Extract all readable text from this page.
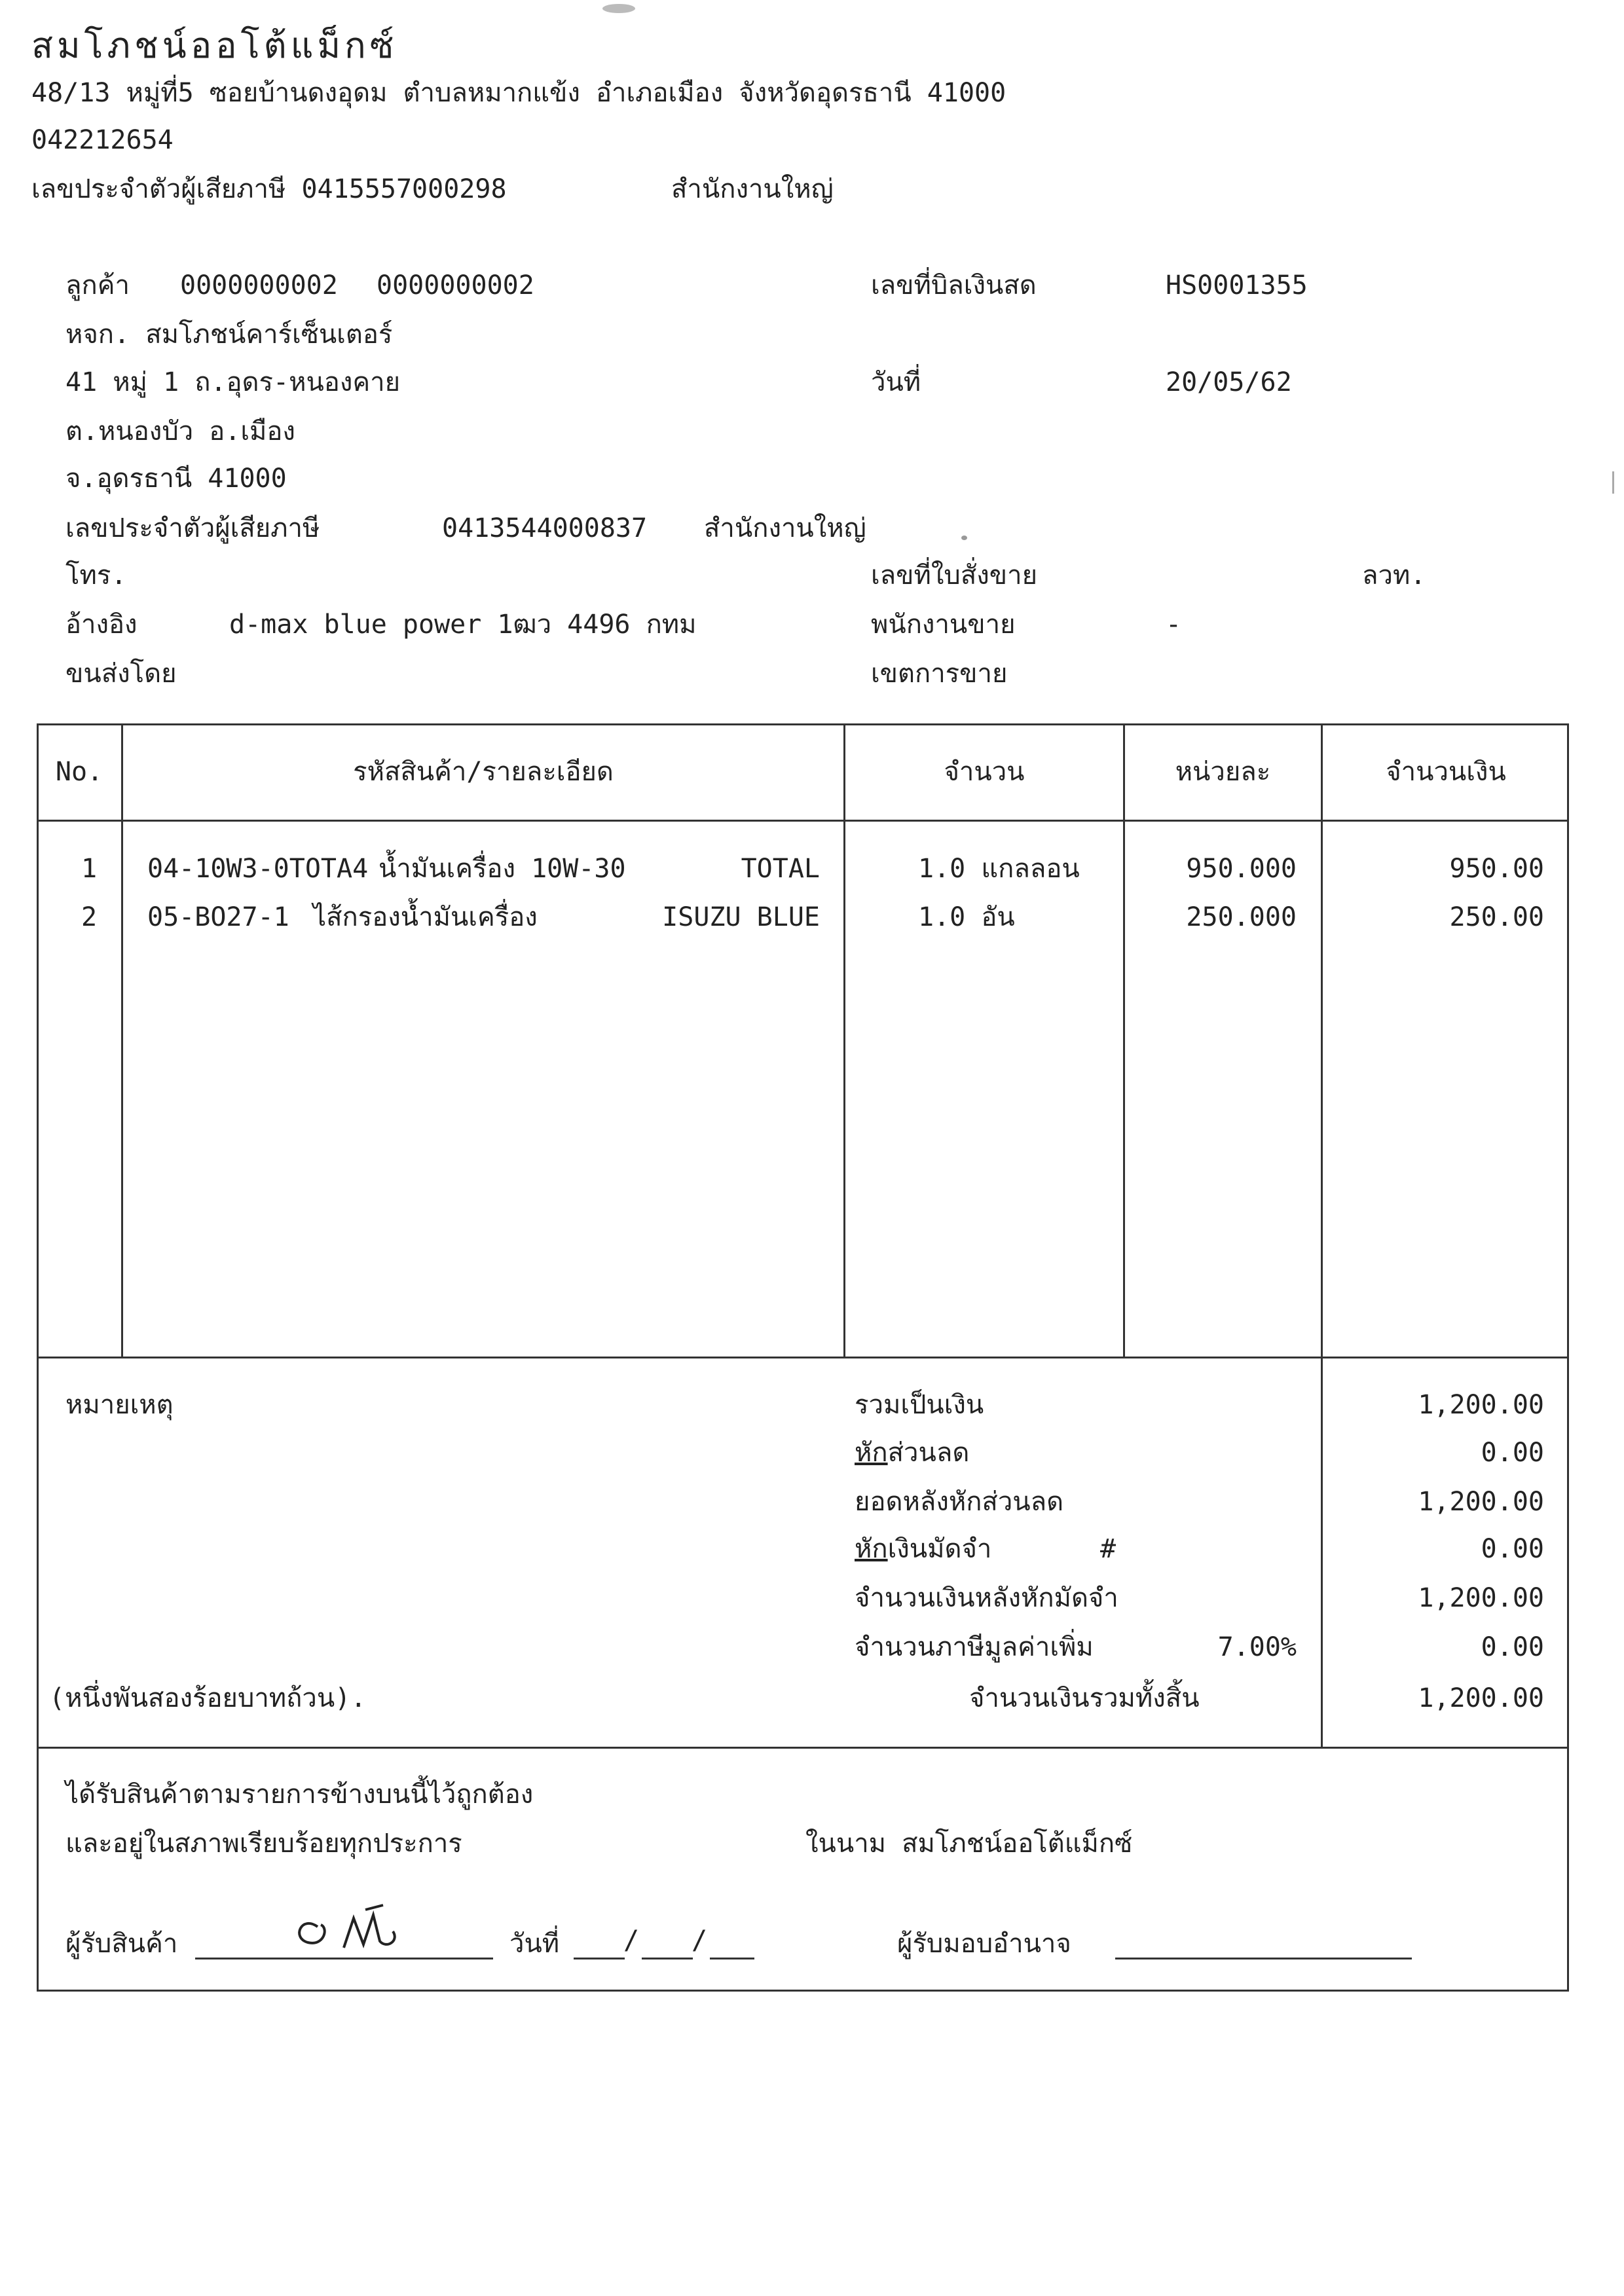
สมโภชน์ออโต้แม็กซ์
48/13 หมู่ที่5 ซอยบ้านดงอุดม ตำบลหมากแข้ง อำเภอเมือง จังหวัดอุดรธานี 41000
042212654
เลขประจำตัวผู้เสียภาษี 0415557000298	สำนักงานใหญ่
ลูกค้า 0000000002 0000000002
หจก. สมโภชน์คาร์เซ็นเตอร์
41 หมู่ 1 ถ.อุดร-หนองคาย
ต.หนองบัว อ.เมือง
จ.อุดรธานี 41000
เลขประจำตัวผู้เสียภาษี	0413544000837 สำนักงานใหญ่
โทร.
อ้างอิง	d-max blue power 1ฒว 4496 กทม
ขนส่งโดย
เลขที่บิลเงินสด	HS0001355
วันที่	20/05/62
เลขที่ใบสั่งขาย	ลวท.
พนักงานขาย	-
เขตการขาย
No.	รหัสสินค้า/รายละเอียด	จำนวน	หน่วยละ	จำนวนเงิน
1	04-10W3-0TOTA4 น้ำมันเครื่อง 10W-30	TOTAL	1.0 แกลลอน	950.000	950.00
2	05-BO27-1 ไส้กรองน้ำมันเครื่อง	ISUZU BLUE	1.0 อัน	250.000	250.00
หมายเหตุ
(หนึ่งพันสองร้อยบาทถ้วน).
รวมเป็นเงิน	1,200.00
หักส่วนลด	0.00
ยอดหลังหักส่วนลด	1,200.00
หักเงินมัดจำ	#	0.00
จำนวนเงินหลังหักมัดจำ	1,200.00
จำนวนภาษีมูลค่าเพิ่ม	7.00%	0.00
จำนวนเงินรวมทั้งสิ้น	1,200.00
ได้รับสินค้าตามรายการข้างบนนี้ไว้ถูกต้อง
และอยู่ในสภาพเรียบร้อยทุกประการ	ในนาม สมโภชน์ออโต้แม็กซ์
ผู้รับสินค้า	วันที่ / /	ผู้รับมอบอำนาจ
